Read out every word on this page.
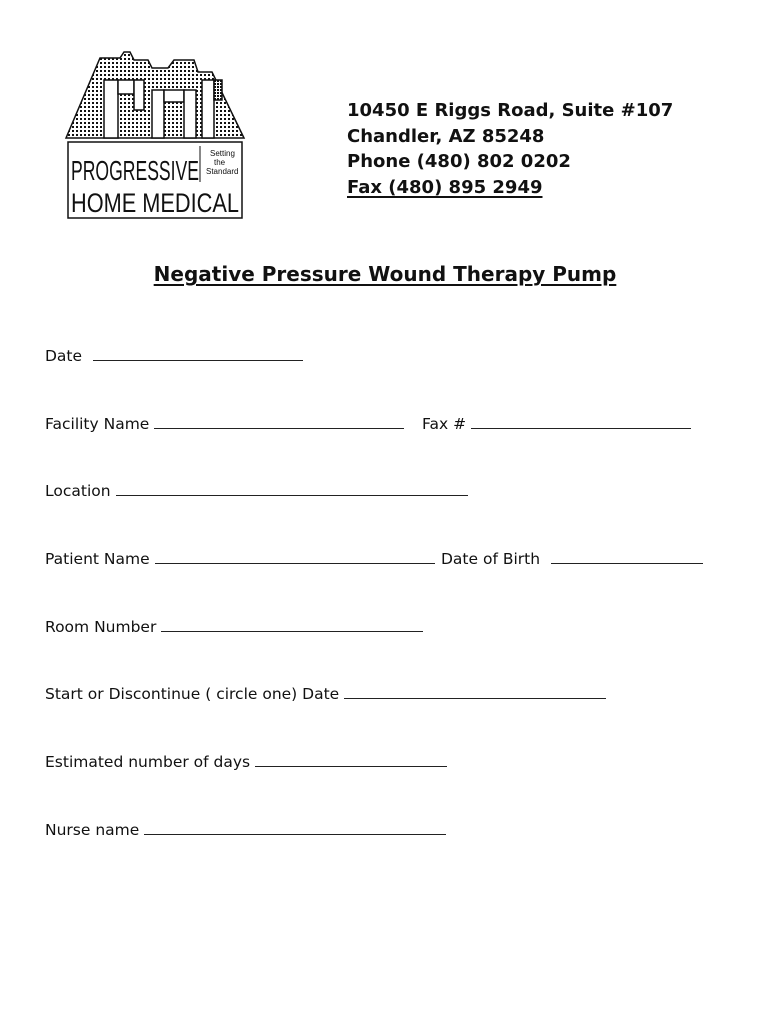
PROGRESSIVE
HOME MEDICAL
Setting
the
Standard
10450 E Riggs Road, Suite #107
Chandler, AZ 85248
Phone (480) 802 0202
Fax (480) 895 2949
Negative Pressure Wound Therapy Pump
Date
Facility Name	Fax #
Location
Patient Name	Date of Birth
Room Number
Start or Discontinue ( circle one) Date
Estimated number of days
Nurse name
